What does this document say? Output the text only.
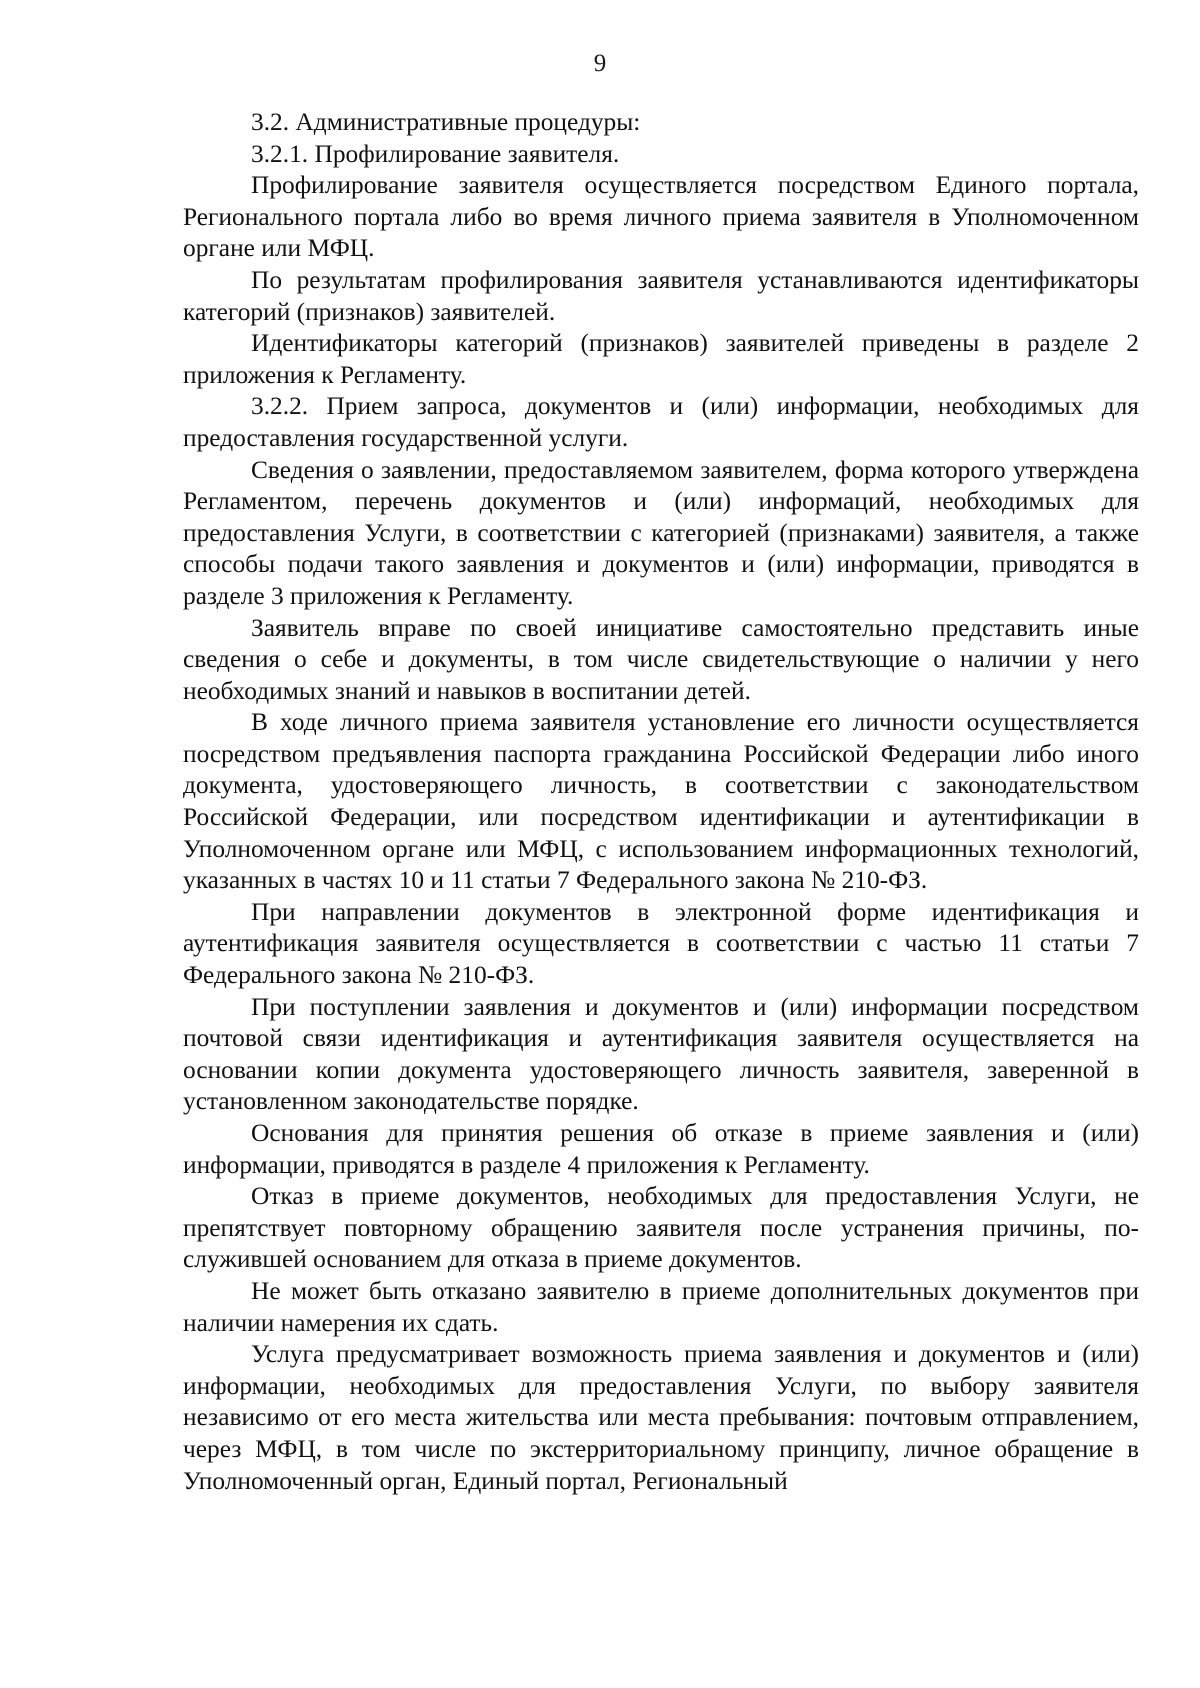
9

3.2. Административные процедуры:

3.2.1. Профилирование заявителя.

Профилирование заявителя осуществляется посредством Единого портала, Регионального портала либо во время личного приема заявителя в Уполномоченном органе или МФЦ.

По результатам профилирования заявителя устанавливаются идентификаторы категорий (признаков) заявителей.

Идентификаторы категорий (признаков) заявителей приведены в разделе 2 приложения к Регламенту.

3.2.2. Прием запроса, документов и (или) информации, необходимых для предоставления государственной услуги.

Сведения о заявлении, предоставляемом заявителем, форма которого утверждена Регламентом, перечень документов и (или) информаций, необходимых для предоставления Услуги, в соответствии с категорией (признаками) заявителя, а также способы подачи такого заявления и документов и (или) информации, приводятся в разделе 3 приложения к Регламенту.

Заявитель вправе по своей инициативе самостоятельно представить иные сведения о себе и документы, в том числе свидетельствующие о наличии у него необходимых знаний и навыков в воспитании детей.

В ходе личного приема заявителя установление его личности осуществляется посредством предъявления паспорта гражданина Российской Федерации либо иного документа, удостоверяющего личность, в соответствии с законодательством Российской Федерации, или посредством идентификации и аутентификации в Уполномоченном органе или МФЦ, с использованием информационных технологий, указанных в частях 10 и 11 статьи 7 Федерального закона № 210-ФЗ.

При направлении документов в электронной форме идентификация и аутентификация заявителя осуществляется в соответствии с частью 11 статьи 7 Федерального закона № 210-ФЗ.

При поступлении заявления и документов и (или) информации посредством почтовой связи идентификация и аутентификация заявителя осуществляется на основании копии документа удостоверяющего личность заявителя, заверенной в установленном законодательстве порядке.

Основания для принятия решения об отказе в приеме заявления и (или) информации, приводятся в разделе 4 приложения к Регламенту.

Отказ в приеме документов, необходимых для предоставления Услуги, не препятствует повторному обращению заявителя после устранения причины, послужившей основанием для отказа в приеме документов.

Не может быть отказано заявителю в приеме дополнительных документов при наличии намерения их сдать.

Услуга предусматривает возможность приема заявления и документов и (или) информации, необходимых для предоставления Услуги, по выбору заявителя независимо от его места жительства или места пребывания: почтовым отправлением, через МФЦ, в том числе по экстерриториальному принципу, личное обращение в Уполномоченный орган, Единый портал, Региональный
